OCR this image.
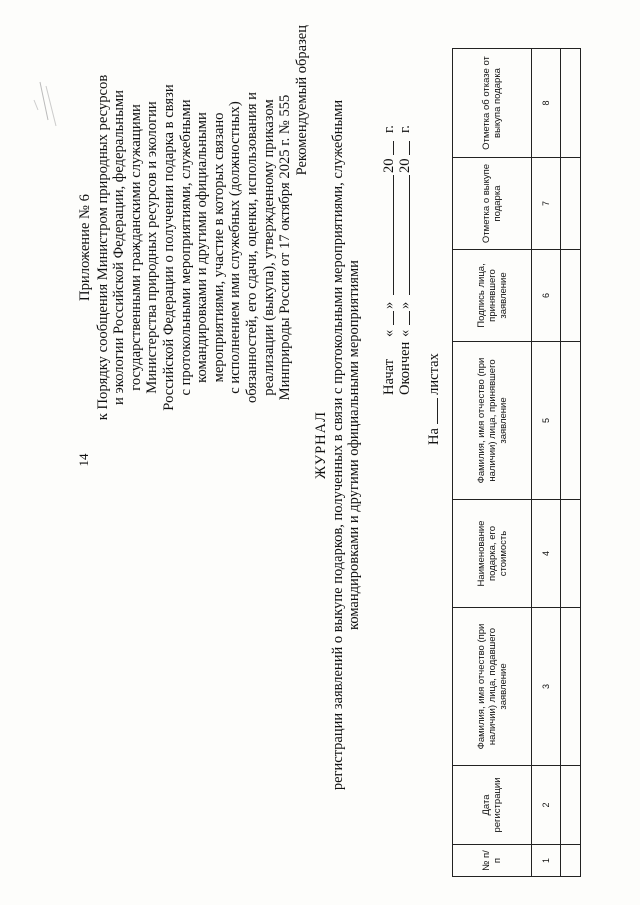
14
Приложение № 6 к Порядку сообщения Министром природных ресурсов и экологии Российской Федерации, федеральными государственными гражданскими служащими Министерства природных ресурсов и экологии Российской Федерации о получении подарка в связи с протокольными мероприятиями, служебными командировками и другими официальными мероприятиями, участие в которых связано с исполнением ими служебных (должностных) обязанностей, его сдачи, оценки, использования и реализации (выкупа), утвержденному приказом Минприроды России от 17 октября 2025 г. № 555 Рекомендуемый образец
ЖУРНАЛ регистрации заявлений о выкупе подарков, полученных в связи с протокольными мероприятиями, служебными командировками и другими официальными мероприятиями Начат
«
»
20
г.
Окончен
«
»
20
г.
На  листах
№ п/п	Дата регистрации	Фамилия, имя отчество (при наличии) лица, подавшего заявление	Наименование подарка, его стоимость	Фамилия, имя отчество (при наличии) лица, принявшего заявление	Подпись лица, принявшего заявление	Отметка о выкупе подарка	Отметка об отказе от выкупа подарка
1	2	3	4	5	6	7	8
